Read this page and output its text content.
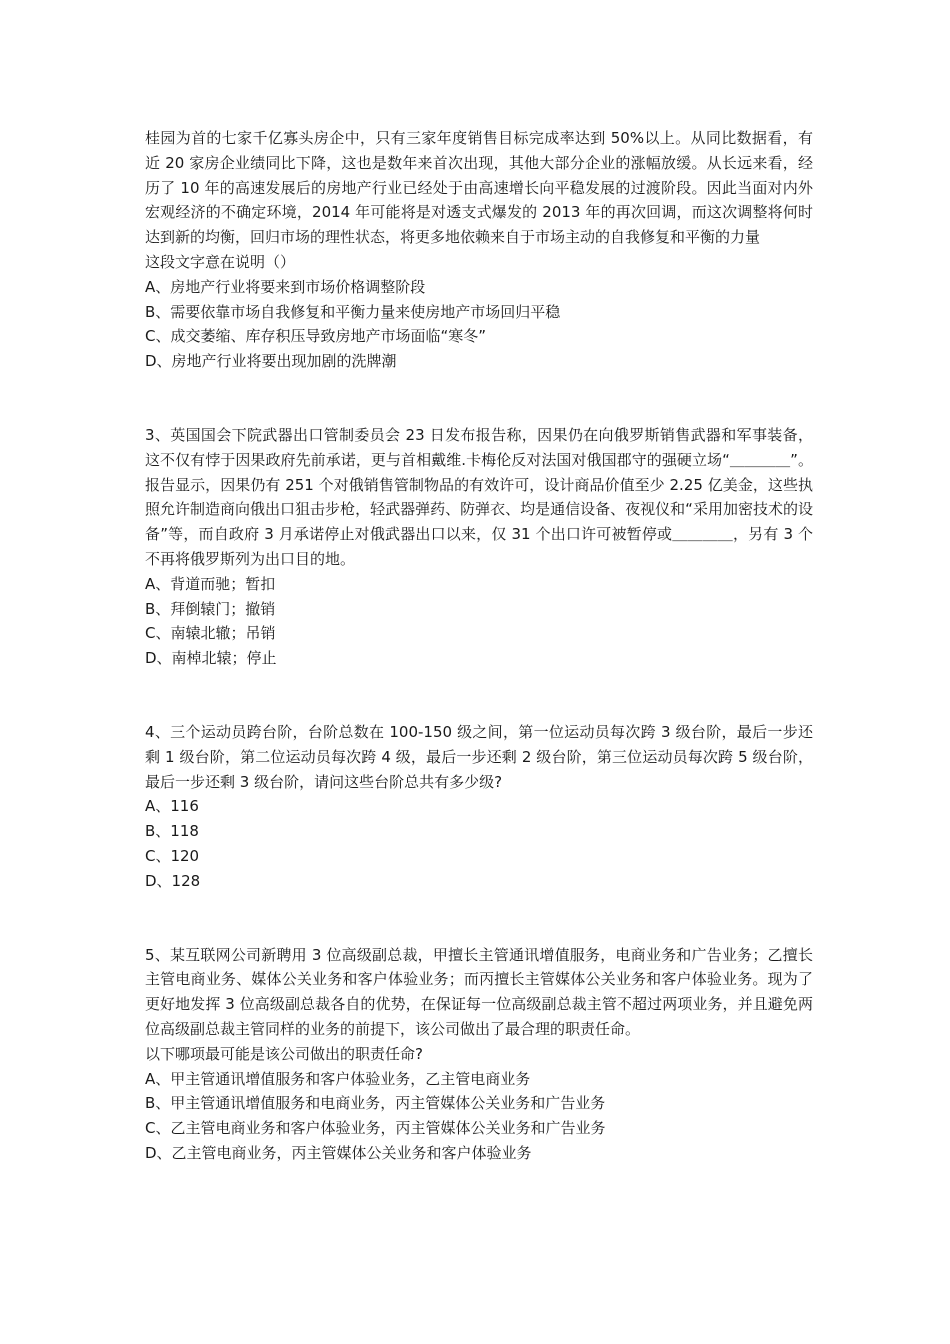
桂园为首的七家千亿寡头房企中，只有三家年度销售目标完成率达到 50%以上。从同比数据看，有近 20 家房企业绩同比下降，这也是数年来首次出现，其他大部分企业的涨幅放缓。从长远来看，经历了 10 年的高速发展后的房地产行业已经处于由高速增长向平稳发展的过渡阶段。因此当面对内外宏观经济的不确定环境，2014 年可能将是对透支式爆发的 2013 年的再次回调，而这次调整将何时达到新的均衡，回归市场的理性状态，将更多地依赖来自于市场主动的自我修复和平衡的力量

这段文字意在说明（）

A、房地产行业将要来到市场价格调整阶段

B、需要依靠市场自我修复和平衡力量来使房地产市场回归平稳

C、成交萎缩、库存积压导致房地产市场面临“寒冬”

D、房地产行业将要出现加剧的洗牌潮

3、英国国会下院武器出口管制委员会 23 日发布报告称，因果仍在向俄罗斯销售武器和军事装备，这不仅有悖于因果政府先前承诺，更与首相戴维.卡梅伦反对法国对俄国郡守的强硬立场“＿＿＿＿”。报告显示，因果仍有 251 个对俄销售管制物品的有效许可，设计商品价值至少 2.25 亿美金，这些执照允许制造商向俄出口狙击步枪，轻武器弹药、防弹衣、均是通信设备、夜视仪和“采用加密技术的设备”等，而自政府 3 月承诺停止对俄武器出口以来，仅 31 个出口许可被暂停或＿＿＿＿，另有 3 个不再将俄罗斯列为出口目的地。

A、背道而驰；暂扣

B、拜倒辕门；撤销

C、南辕北辙；吊销

D、南棹北辕；停止

4、三个运动员跨台阶，台阶总数在 100-150 级之间，第一位运动员每次跨 3 级台阶，最后一步还剩 1 级台阶，第二位运动员每次跨 4 级，最后一步还剩 2 级台阶，第三位运动员每次跨 5 级台阶，最后一步还剩 3 级台阶，请问这些台阶总共有多少级?

A、116

B、118

C、120

D、128

5、某互联网公司新聘用 3 位高级副总裁，甲擅长主管通讯增值服务，电商业务和广告业务；乙擅长主管电商业务、媒体公关业务和客户体验业务；而丙擅长主管媒体公关业务和客户体验业务。现为了更好地发挥 3 位高级副总裁各自的优势，在保证每一位高级副总裁主管不超过两项业务，并且避免两位高级副总裁主管同样的业务的前提下，该公司做出了最合理的职责任命。

以下哪项最可能是该公司做出的职责任命?

A、甲主管通讯增值服务和客户体验业务，乙主管电商业务

B、甲主管通讯增值服务和电商业务，丙主管媒体公关业务和广告业务

C、乙主管电商业务和客户体验业务，丙主管媒体公关业务和广告业务

D、乙主管电商业务，丙主管媒体公关业务和客户体验业务
